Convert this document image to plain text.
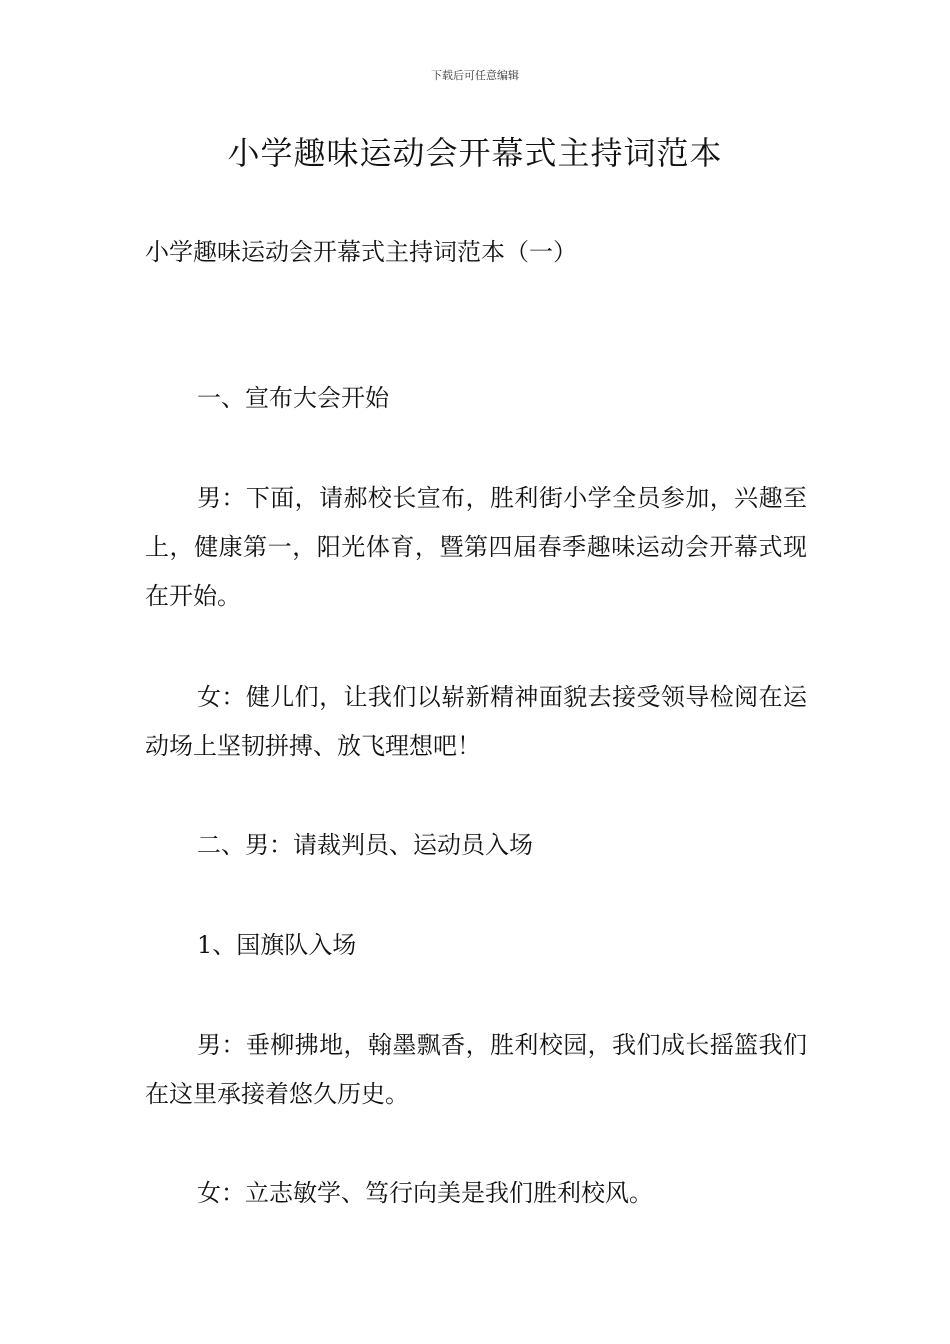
下载后可任意编辑
小学趣味运动会开幕式主持词范本

小学趣味运动会开幕式主持词范本（一）

一、宣布大会开始

男：下面，请郝校长宣布，胜利街小学全员参加，兴趣至上，健康第一，阳光体育，暨第四届春季趣味运动会开幕式现在开始。

女：健儿们，让我们以崭新精神面貌去接受领导检阅在运动场上坚韧拼搏、放飞理想吧！

二、男：请裁判员、运动员入场

1、国旗队入场

男：垂柳拂地，翰墨飘香，胜利校园，我们成长摇篮我们在这里承接着悠久历史。

女：立志敏学、笃行向美是我们胜利校风。
